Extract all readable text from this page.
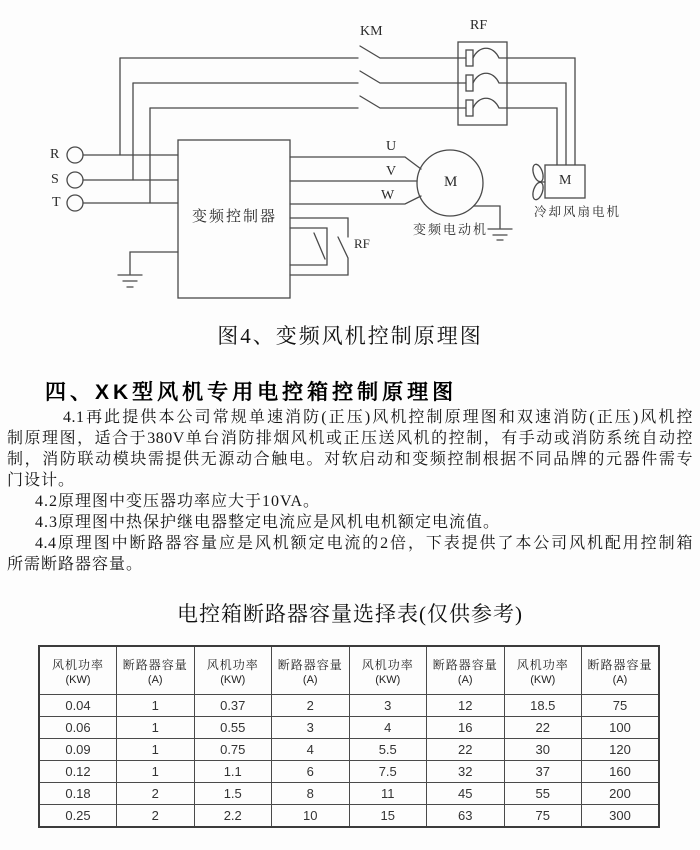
R
S
T
KM	RF
U
V
W
M	M
变频控制器
变频电动机
冷却风扇电机
RF
图4、变频风机控制原理图
四、XK型风机专用电控箱控制原理图
4.1再此提供本公司常规单速消防(正压)风机控制原理图和双速消防(正压)风机控
制原理图，适合于380V单台消防排烟风机或正压送风机的控制，有手动或消防系统自动控
制，消防联动模块需提供无源动合触电。对软启动和变频控制根据不同品牌的元器件需专
门设计。
4.2原理图中变压器功率应大于10VA。
4.3原理图中热保护继电器整定电流应是风机电机额定电流值。
4.4原理图中断路器容量应是风机额定电流的2倍，下表提供了本公司风机配用控制箱
所需断路器容量。
电控箱断路器容量选择表(仅供参考)
风机功率
(KW)	断路器容量
(A)	风机功率
(KW)	断路器容量
(A)	风机功率
(KW)	断路器容量
(A)	风机功率
(KW)	断路器容量
(A)

0.04	1	0.37	2	3	12	18.5	75
0.06	1	0.55	3	4	16	22	100
0.09	1	0.75	4	5.5	22	30	120
0.12	1	1.1	6	7.5	32	37	160
0.18	2	1.5	8	11	45	55	200
0.25	2	2.2	10	15	63	75	300
